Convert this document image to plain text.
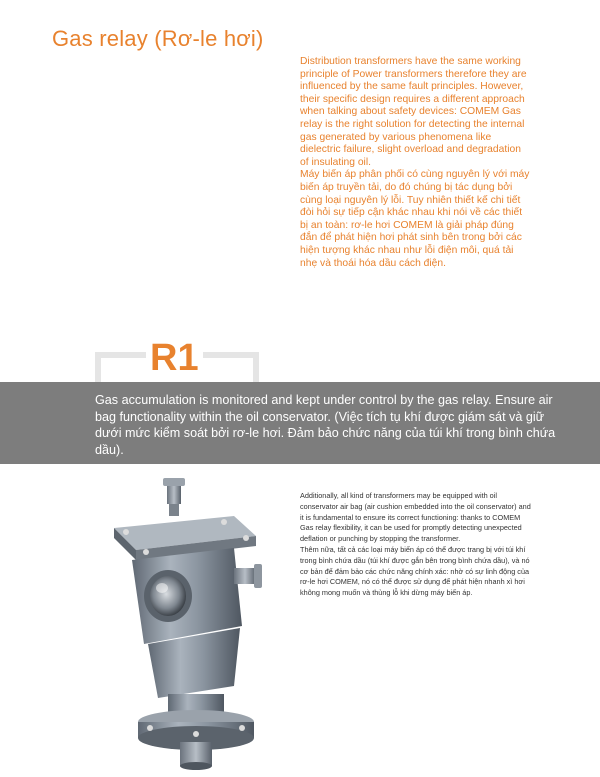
Gas relay (Rơ-le hơi)

Distribution transformers have the same working principle of Power transformers therefore they are influenced by the same fault principles. However, their specific design requires a different approach when talking about safety devices: COMEM Gas relay is the right solution for detecting the internal gas generated by various phenomena like dielectric failure, slight overload and degradation of insulating oil.

Máy biến áp phân phối có cùng nguyên lý với máy biến áp truyền tải, do đó chúng bị tác dụng bởi cùng loại nguyên lý lỗi. Tuy nhiên thiết kế chi tiết đòi hỏi sự tiếp cận khác nhau khi nói về các thiết bị an toàn: rơ-le hơi COMEM là giải pháp đúng đắn để phát hiện hơi phát sinh bên trong bởi các hiện tượng khác nhau như lỗi điện môi, quá tải nhẹ và thoái hóa dầu cách điện.

R1
Gas accumulation is monitored and kept under control by the gas relay. Ensure air bag functionality within the oil conservator. (Việc tích tụ khí được giám sát và giữ dưới mức kiểm soát bởi rơ-le hơi. Đảm bảo chức năng của túi khí trong bình chứa dầu).

Additionally, all kind of transformers may be equipped with oil conservator air bag (air cushion embedded into the oil conservator) and it is fundamental to ensure its correct functioning: thanks to COMEM Gas relay flexibility, it can be used for promptly detecting unexpected deflation or punching by stopping the transformer.

Thêm nữa, tất cả các loại máy biến áp có thể được trang bị với túi khí trong bình chứa dầu (túi khí được gắn bên trong bình chứa dầu), và nó cơ bản để đảm bảo các chức năng chính xác: nhờ có sự linh động của rơ-le hơi COMEM, nó có thể được sử dụng để phát hiện nhanh xì hơi không mong muốn và thủng lỗ khi dừng máy biến áp.
